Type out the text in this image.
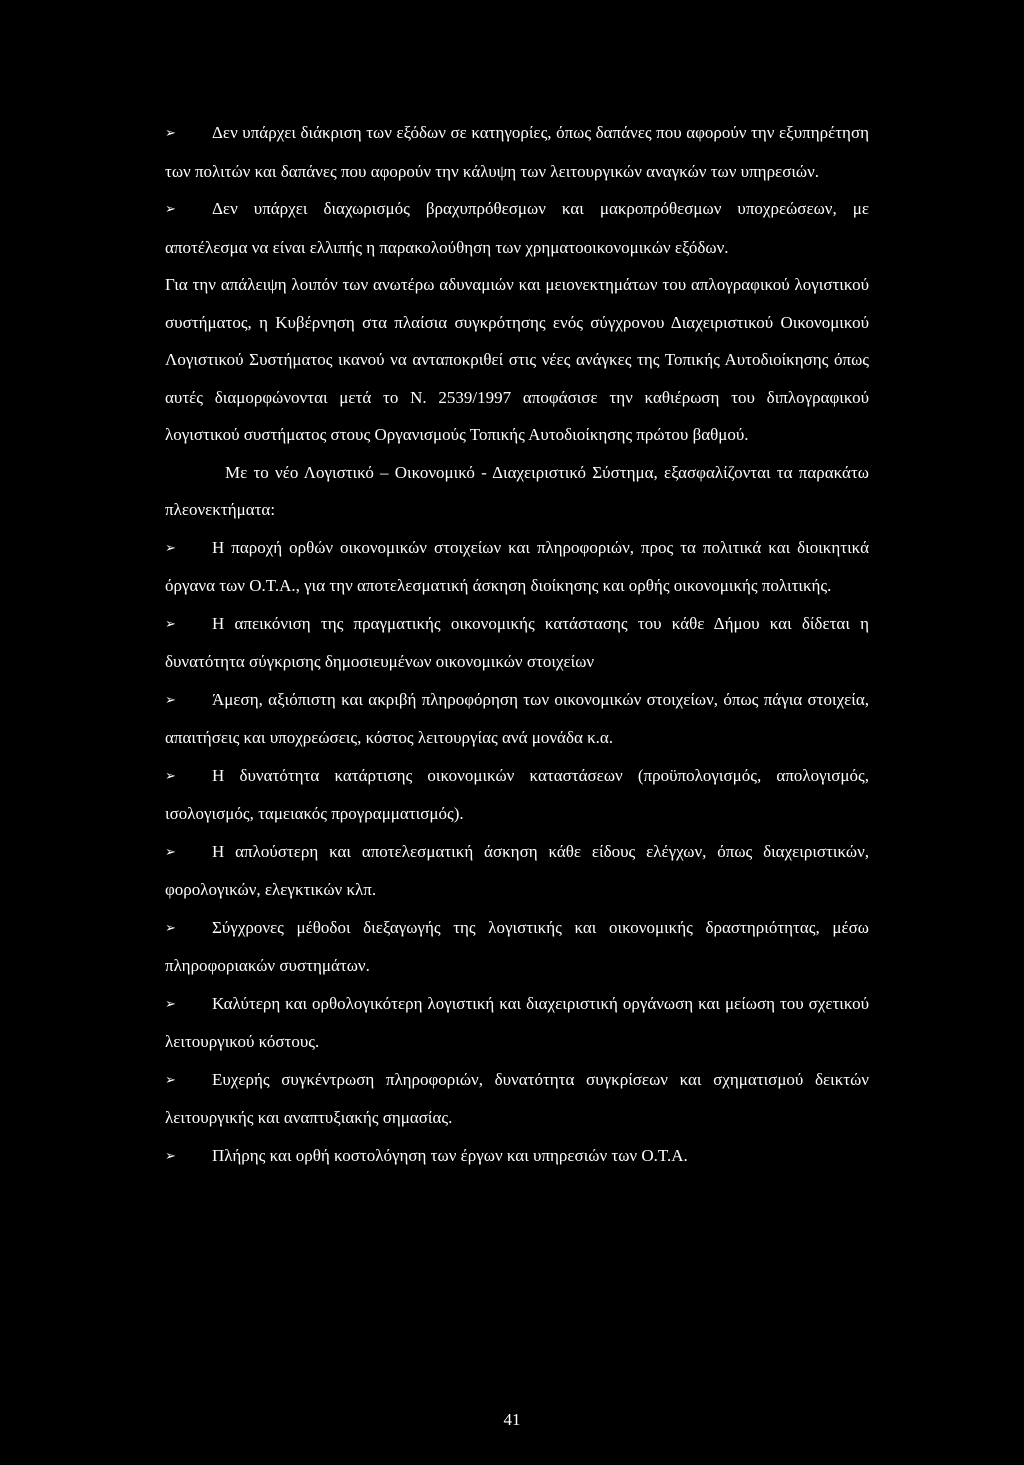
➢ Δεν υπάρχει διάκριση των εξόδων σε κατηγορίες, όπως δαπάνες που αφορούν την εξυπηρέτηση των πολιτών και δαπάνες που αφορούν την κάλυψη των λειτουργικών αναγκών των υπηρεσιών.

➢ Δεν υπάρχει διαχωρισμός βραχυπρόθεσμων και μακροπρόθεσμων υποχρεώσεων, με αποτέλεσμα να είναι ελλιπής η παρακολούθηση των χρηματοοικονομικών εξόδων.

Για την απάλειψη λοιπόν των ανωτέρω αδυναμιών και μειονεκτημάτων του απλογραφικού λογιστικού συστήματος, η Κυβέρνηση στα πλαίσια συγκρότησης ενός σύγχρονου Διαχειριστικού Οικονομικού Λογιστικού Συστήματος ικανού να ανταποκριθεί στις νέες ανάγκες της Τοπικής Αυτοδιοίκησης όπως αυτές διαμορφώνονται μετά το Ν. 2539/1997 αποφάσισε την καθιέρωση του διπλογραφικού λογιστικού συστήματος στους Οργανισμούς Τοπικής Αυτοδιοίκησης πρώτου βαθμού.

Με το νέο Λογιστικό – Οικονομικό - Διαχειριστικό Σύστημα, εξασφαλίζονται τα παρακάτω πλεονεκτήματα:

➢ Η παροχή ορθών οικονομικών στοιχείων και πληροφοριών, προς τα πολιτικά και διοικητικά όργανα των Ο.Τ.Α., για την αποτελεσματική άσκηση διοίκησης και ορθής οικονομικής πολιτικής.

➢ Η απεικόνιση της πραγματικής οικονομικής κατάστασης του κάθε Δήμου και δίδεται η δυνατότητα σύγκρισης δημοσιευμένων οικονομικών στοιχείων

➢ Άμεση, αξιόπιστη και ακριβή πληροφόρηση των οικονομικών στοιχείων, όπως πάγια στοιχεία, απαιτήσεις και υποχρεώσεις, κόστος λειτουργίας ανά μονάδα κ.α.

➢ Η δυνατότητα κατάρτισης οικονομικών καταστάσεων (προϋπολογισμός, απολογισμός, ισολογισμός, ταμειακός προγραμματισμός).

➢ Η απλούστερη και αποτελεσματική άσκηση κάθε είδους ελέγχων, όπως διαχειριστικών, φορολογικών, ελεγκτικών κλπ.

➢ Σύγχρονες μέθοδοι διεξαγωγής της λογιστικής και οικονομικής δραστηριότητας, μέσω πληροφοριακών συστημάτων.

➢ Καλύτερη και ορθολογικότερη λογιστική και διαχειριστική οργάνωση και μείωση του σχετικού λειτουργικού κόστους.

➢ Ευχερής συγκέντρωση πληροφοριών, δυνατότητα συγκρίσεων και σχηματισμού δεικτών λειτουργικής και αναπτυξιακής σημασίας.

➢ Πλήρης και ορθή κοστολόγηση των έργων και υπηρεσιών των Ο.Τ.Α.

41
